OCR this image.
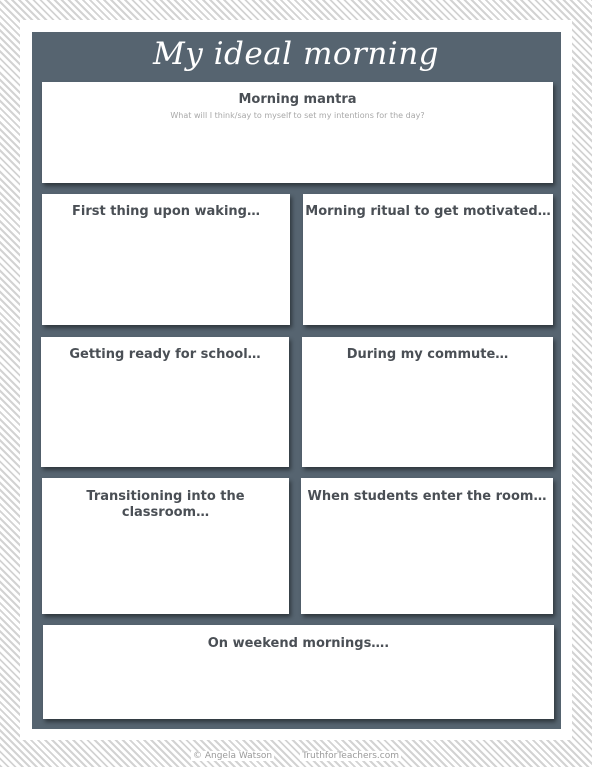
My ideal morning
Morning mantra
What will I think/say to myself to set my intentions for the day?
First thing upon waking…	Morning ritual to get motivated…
Getting ready for school…	During my commute…
Transitioning into the classroom…
When students enter the room…
On weekend mornings….
© Angela Watson	TruthforTeachers.com
